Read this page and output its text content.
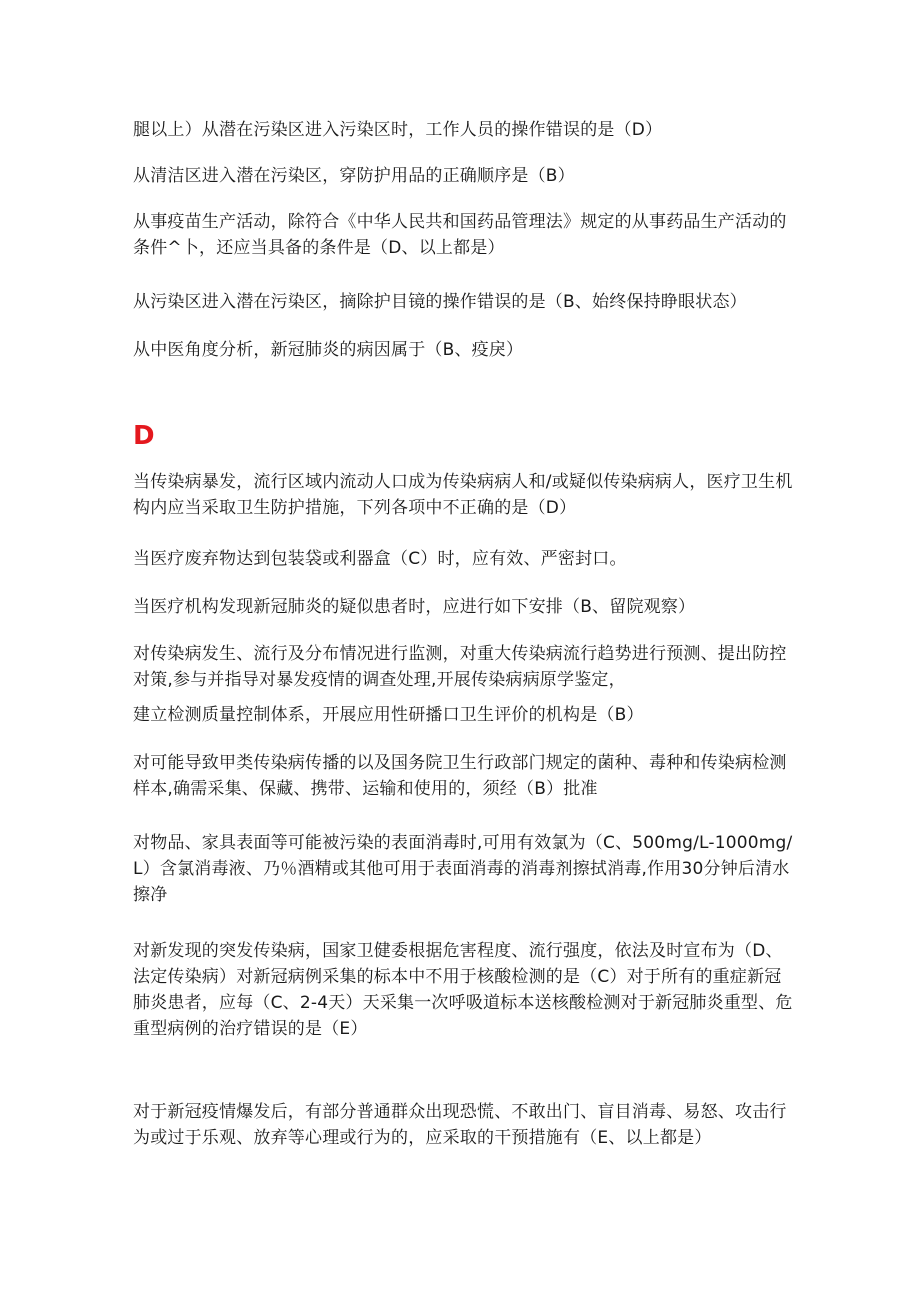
腿以上）从潜在污染区进入污染区时，工作人员的操作错误的是（D）

从清洁区进入潜在污染区，穿防护用品的正确顺序是（B）

从事疫苗生产活动，除符合《中华人民共和国药品管理法》规定的从事药品生产活动的条件^卜，还应当具备的条件是（D、以上都是）

从污染区进入潜在污染区，摘除护目镜的操作错误的是（B、始终保持睁眼状态）

从中医角度分析，新冠肺炎的病因属于（B、疫戾）

D

当传染病暴发，流行区域内流动人口成为传染病病人和/或疑似传染病病人，医疗卫生机构内应当采取卫生防护措施，下列各项中不正确的是（D）

当医疗废弃物达到包装袋或利器盒（C）时，应有效、严密封口。

当医疗机构发现新冠肺炎的疑似患者时，应进行如下安排（B、留院观察）

对传染病发生、流行及分布情况进行监测，对重大传染病流行趋势进行预测、提出防控对策,参与并指导对暴发疫情的调查处理,开展传染病病原学鉴定，

建立检测质量控制体系，开展应用性研播口卫生评价的机构是（B）

对可能导致甲类传染病传播的以及国务院卫生行政部门规定的菌种、毒种和传染病检测样本,确需采集、保藏、携带、运输和使用的，须经（B）批准

对物品、家具表面等可能被污染的表面消毒时,可用有效氯为（C、500mg∕L-1000mg∕L）含氯消毒液、乃％酒精或其他可用于表面消毒的消毒剂擦拭消毒,作用30分钟后清水擦净

对新发现的突发传染病，国家卫健委根据危害程度、流行强度，依法及时宣布为（D、法定传染病）对新冠病例采集的标本中不用于核酸检测的是（C）对于所有的重症新冠肺炎患者，应每（C、2-4天）天采集一次呼吸道标本送核酸检测对于新冠肺炎重型、危重型病例的治疗错误的是（E）

对于新冠疫情爆发后，有部分普通群众出现恐慌、不敢出门、盲目消毒、易怒、攻击行为或过于乐观、放弃等心理或行为的，应采取的干预措施有（E、以上都是）
